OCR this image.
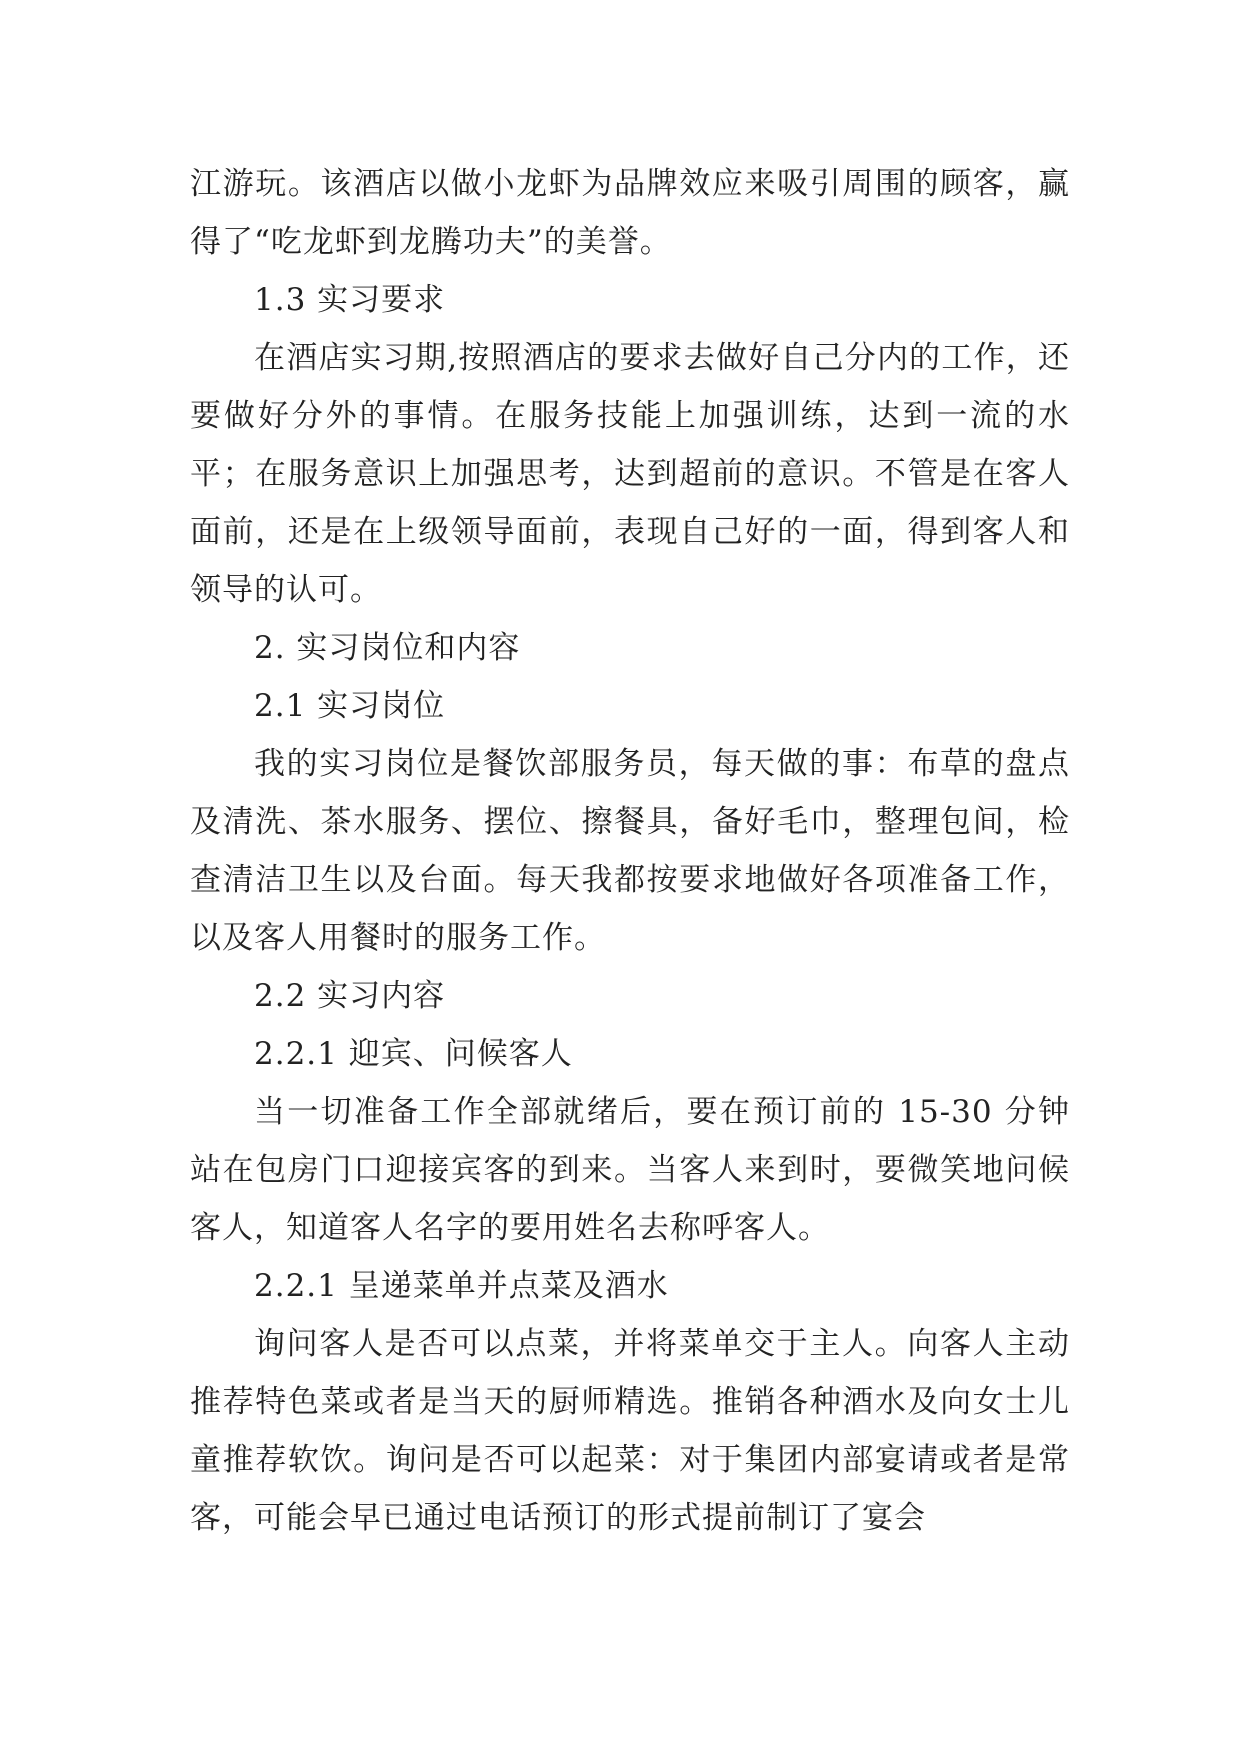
江游玩。该酒店以做小龙虾为品牌效应来吸引周围的顾客，赢得了“吃龙虾到龙腾功夫”的美誉。

1.3 实习要求

在酒店实习期,按照酒店的要求去做好自己分内的工作，还要做好分外的事情。在服务技能上加强训练，达到一流的水平；在服务意识上加强思考，达到超前的意识。不管是在客人面前，还是在上级领导面前，表现自己好的一面，得到客人和领导的认可。

2. 实习岗位和内容

2.1 实习岗位

我的实习岗位是餐饮部服务员，每天做的事：布草的盘点及清洗、茶水服务、摆位、擦餐具，备好毛巾，整理包间，检查清洁卫生以及台面。每天我都按要求地做好各项准备工作，以及客人用餐时的服务工作。

2.2 实习内容

2.2.1 迎宾、问候客人

当一切准备工作全部就绪后，要在预订前的 15-30 分钟站在包房门口迎接宾客的到来。当客人来到时，要微笑地问候客人，知道客人名字的要用姓名去称呼客人。

2.2.1 呈递菜单并点菜及酒水

询问客人是否可以点菜，并将菜单交于主人。向客人主动推荐特色菜或者是当天的厨师精选。推销各种酒水及向女士儿童推荐软饮。询问是否可以起菜：对于集团内部宴请或者是常客，可能会早已通过电话预订的形式提前制订了宴会
